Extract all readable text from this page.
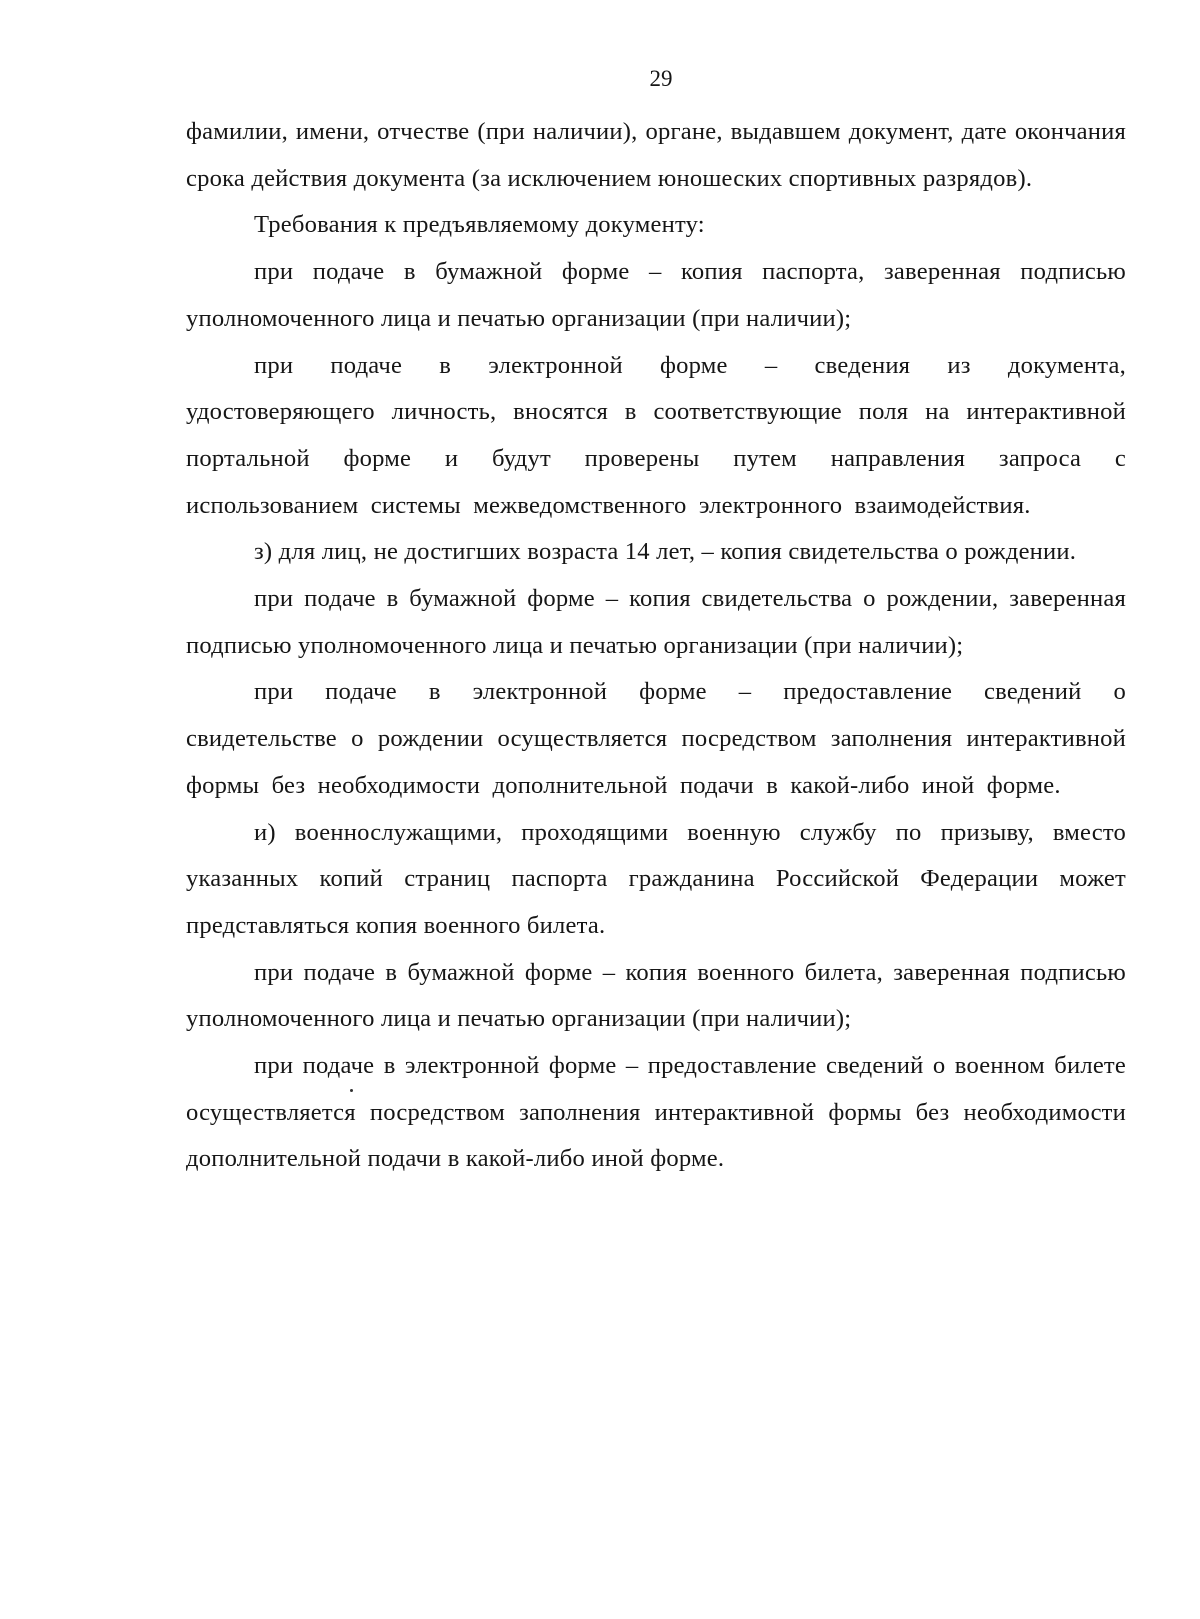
29

фамилии, имени, отчестве (при наличии), органе, выдавшем документ, дате окончания срока действия документа (за исключением юношеских спортивных разрядов).

Требования к предъявляемому документу:

при подаче в бумажной форме – копия паспорта, заверенная подписью уполномоченного лица и печатью организации (при наличии);

при подаче в электронной форме – сведения из документа, удостоверяющего личность, вносятся в соответствующие поля на интерактивной портальной форме и будут проверены путем направления запроса с использованием системы межведомственного электронного взаимодействия.

з) для лиц, не достигших возраста 14 лет, – копия свидетельства о рождении.

при подаче в бумажной форме – копия свидетельства о рождении, заверенная подписью уполномоченного лица и печатью организации (при наличии);

при подаче в электронной форме – предоставление сведений о свидетельстве о рождении осуществляется посредством заполнения интерактивной формы без необходимости дополнительной подачи в какой-либо иной форме.

и) военнослужащими, проходящими военную службу по призыву, вместо указанных копий страниц паспорта гражданина Российской Федерации может представляться копия военного билета.

при подаче в бумажной форме – копия военного билета, заверенная подписью уполномоченного лица и печатью организации (при наличии);

при подаче в электронной форме – предоставление сведений о военном билете осуществляется посредством заполнения интерактивной формы без необходимости дополнительной подачи в какой-либо иной форме.
